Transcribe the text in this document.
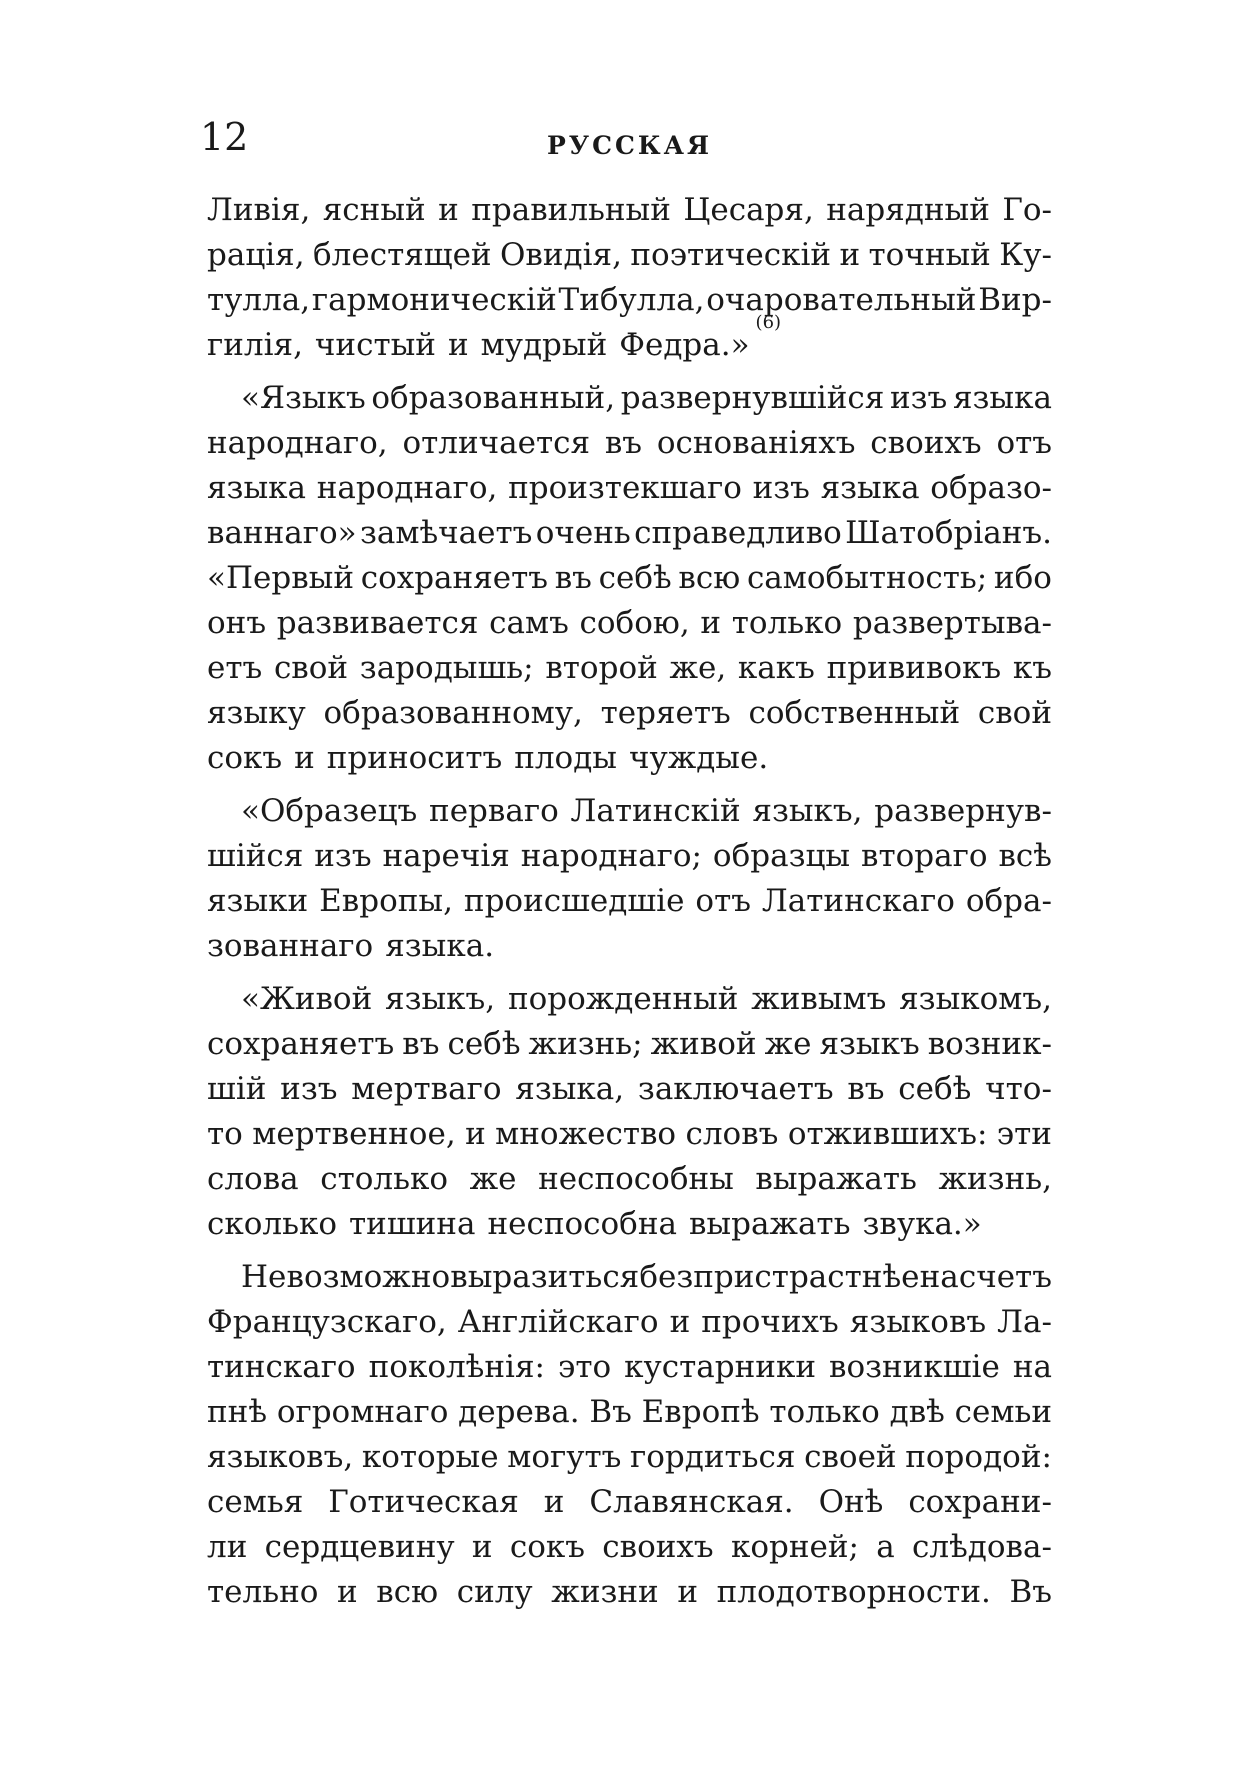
12	РУССКАЯ
Ливія, ясный и правильный Цесаря, нарядный Го-
рація, блестящей Овидія, поэтическій и точный Ку-
тулла, гармоническій Тибулла, очаровательный Вир-
гилія, чистый и мудрый Федра.»
(6)
«Языкъ образованный, развернувшійся изъ языка
народнаго, отличается въ основаніяхъ своихъ отъ
языка народнаго, произтекшаго изъ языка образо-
ваннаго» замѣчаетъ очень справедливо Шатобріанъ.
«Первый сохраняетъ въ себѣ всю самобытность; ибо
онъ развивается самъ собою, и только развертыва-
етъ свой зародышь; второй же, какъ прививокъ къ
языку образованному, теряетъ собственный свой
сокъ и приноситъ плоды чуждые.
«Образецъ перваго Латинскій языкъ, развернув-
шійся изъ наречія народнаго; образцы втораго всѣ
языки Европы, происшедшіе отъ Латинскаго обра-
зованнаго языка.
«Живой языкъ, порожденный живымъ языкомъ,
сохраняетъ въ себѣ жизнь; живой же языкъ возник-
шій изъ мертваго языка, заключаетъ въ себѣ что-
то мертвенное, и множество словъ отжившихъ: эти
слова столько же неспособны выражать жизнь,
сколько тишина неспособна выражать звука.»
Не возможно выразиться безпристрастнѣе на счетъ
Французскаго, Англійскаго и прочихъ языковъ Ла-
тинскаго поколѣнія: это кустарники возникшіе на
пнѣ огромнаго дерева. Въ Европѣ только двѣ семьи
языковъ, которые могутъ гордиться своей породой:
семья Готическая и Славянская. Онѣ сохрани-
ли сердцевину и сокъ своихъ корней; а слѣдова-
тельно и всю силу жизни и плодотворности. Въ
